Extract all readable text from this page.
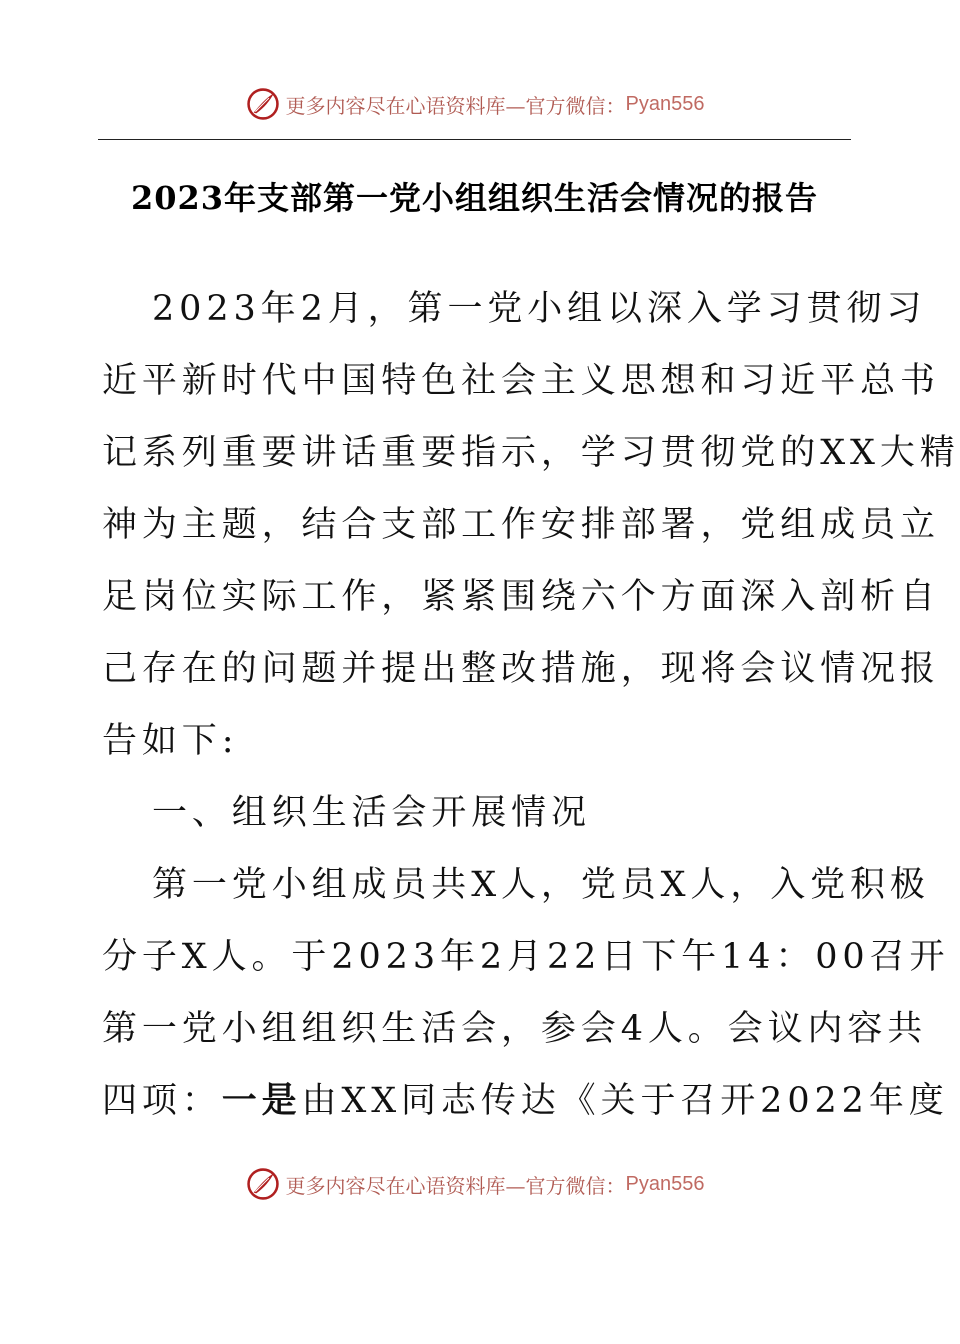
更多内容尽在心语资料库—官方微信： Pyan556
2023年支部第一党小组组织生活会情况的报告
2023年2月，第一党小组以深入学习贯彻习
近平新时代中国特色社会主义思想和习近平总书
记系列重要讲话重要指示，学习贯彻党的XX大精
神为主题，结合支部工作安排部署，党组成员立
足岗位实际工作，紧紧围绕六个方面深入剖析自
己存在的问题并提出整改措施，现将会议情况报
告如下:
一、组织生活会开展情况
第一党小组成员共X人，党员X人，入党积极
分子X人。于2023年2月22日下午14：00召开
第一党小组组织生活会，参会4人。会议内容共
四项：一是由XX同志传达《关于召开2022年度
更多内容尽在心语资料库—官方微信： Pyan556
